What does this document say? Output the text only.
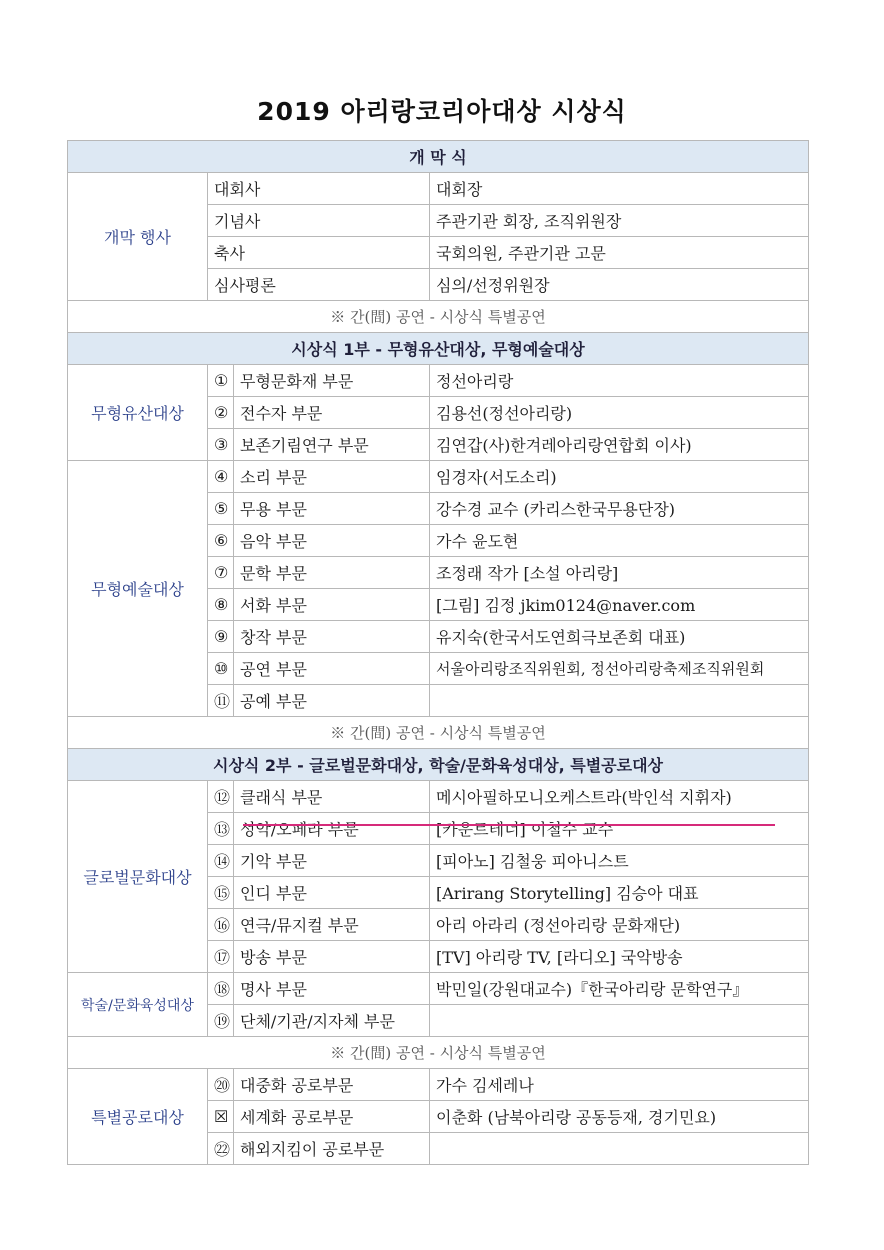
2019 아리랑코리아대상 시상식
개 막 식			
개막 행사	대회사		대회장
	기념사		주관기관 회장, 조직위원장
	축사		국회의원, 주관기관 고문
	심사평론		심의/선정위원장
※ 간(間) 공연 - 시상식 특별공연			
시상식 1부 - 무형유산대상, 무형예술대상			
무형유산대상	①	무형문화재 부문	정선아리랑
	②	전수자 부문	김용선(정선아리랑)
	③	보존기림연구 부문	김연갑(사)한겨레아리랑연합회 이사)
무형예술대상	④	소리 부문	임경자(서도소리)
	⑤	무용 부문	강수경 교수 (카리스한국무용단장)
	⑥	음악 부문	가수 윤도현
	⑦	문학 부문	조정래 작가 [소설 아리랑]
	⑧	서화 부문	[그림] 김정 jkim0124@naver.com
	⑨	창작 부문	유지숙(한국서도연희극보존회 대표)
	⑩	공연 부문	서울아리랑조직위원회, 정선아리랑축제조직위원회
	⑪	공예 부문	
※ 간(間) 공연 - 시상식 특별공연			
시상식 2부 - 글로벌문화대상, 학술/문화육성대상, 특별공로대상			
글로벌문화대상	⑫	클래식 부문	메시아필하모니오케스트라(박인석 지휘자)
	⑬	성악/오페라 부문	[카운트테너] 이철수 교수
	⑭	기악 부문	[피아노] 김철웅 피아니스트
	⑮	인디 부문	[Arirang Storytelling] 김승아 대표
	⑯	연극/뮤지컬 부문	아리 아라리 (정선아리랑 문화재단)
	⑰	방송 부문	[TV] 아리랑 TV, [라디오] 국악방송
학술/문화육성대상	⑱	명사 부문	박민일(강원대교수)『한국아리랑 문학연구』
	⑲	단체/기관/지자체 부문	
※ 간(間) 공연 - 시상식 특별공연			
특별공로대상	⑳	대중화 공로부문	가수 김세레나
	☒	세계화 공로부문	이춘화 (남북아리랑 공동등재, 경기민요)
	㉒	해외지킴이 공로부문	
